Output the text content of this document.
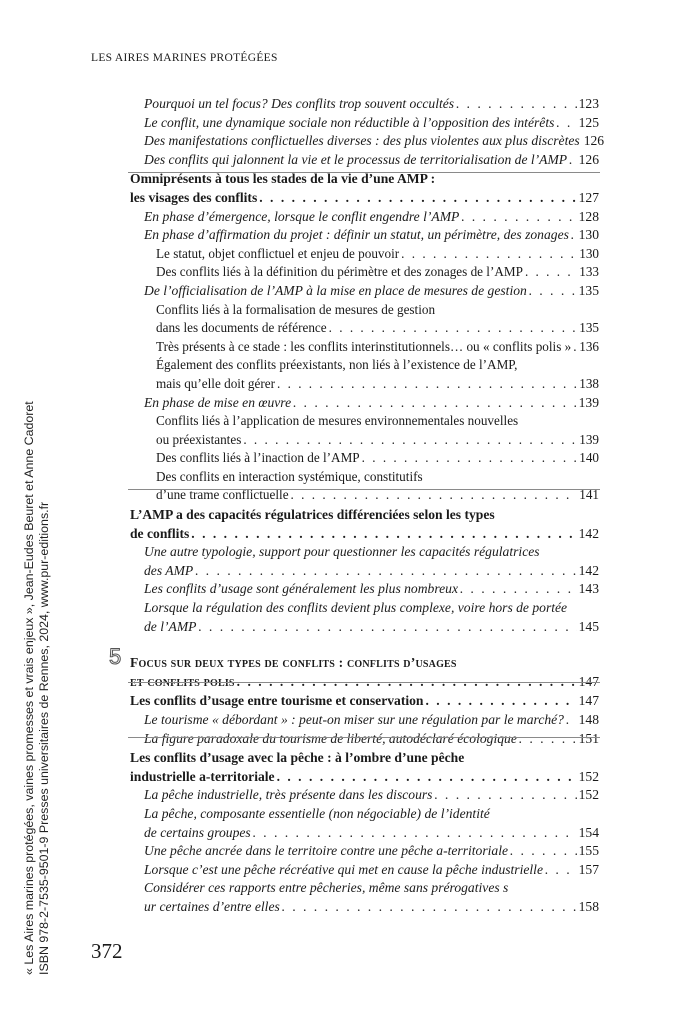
LES AIRES MARINES PROTÉGÉES
Pourquoi un tel focus? Des conflits trop souvent occultés . . .	123
Le conflit, une dynamique sociale non réductible à l’opposition des intérêts . . . 125
Des manifestations conflictuelles diverses : des plus violentes aux plus discrètes 126
Des conflits qui jalonnent la vie et le processus de territorialisation de l’AMP . . . 126
Omniprésents à tous les stades de la vie d’une AMP :
les visages des conflits . . .	127
En phase d’émergence, lorsque le conflit engendre l’AMP . . .	128
En phase d’affirmation du projet : définir un statut, un périmètre, des zonages . . . 130
Le statut, objet conflictuel et enjeu de pouvoir . . .	130
Des conflits liés à la définition du périmètre et des zonages de l’AMP . . .	133
De l’officialisation de l’AMP à la mise en place de mesures de gestion . . .	135
Conflits liés à la formalisation de mesures de gestion
dans les documents de référence . . .	135
Très présents à ce stade : les conflits interinstitutionnels… ou « conflits polis » . . . 136
Également des conflits préexistants, non liés à l’existence de l’AMP,
mais qu’elle doit gérer . . .	138
En phase de mise en œuvre . . .	139
Conflits liés à l’application de mesures environnementales nouvelles
ou préexistantes . . .	139
Des conflits liés à l’inaction de l’AMP . . .	140
Des conflits en interaction systémique, constitutifs
d’une trame conflictuelle . . .	141
L’AMP a des capacités régulatrices différenciées selon les types
de conflits . . .	142
Une autre typologie, support pour questionner les capacités régulatrices
des AMP . . .	142
Les conflits d’usage sont généralement les plus nombreux . . .	143
Lorsque la régulation des conflits devient plus complexe, voire hors de portée
de l’AMP . . .	145
5 Focus sur deux types de conflits : conflits d’usages
et conflits polis . . .	147
Les conflits d’usage entre tourisme et conservation . . .	147
Le tourisme « débordant » : peut-on miser sur une régulation par le marché? . . . 148
La figure paradoxale du tourisme de liberté, autodéclaré écologique . . .	151
Les conflits d’usage avec la pêche : à l’ombre d’une pêche
industrielle a-territoriale . . .	152
La pêche industrielle, très présente dans les discours . . .	152
La pêche, composante essentielle (non négociable) de l’identité
de certains groupes . . .	154
Une pêche ancrée dans le territoire contre une pêche a-territoriale . . .	155
Lorsque c’est une pêche récréative qui met en cause la pêche industrielle . . .	157
Considérer ces rapports entre pêcheries, même sans prérogatives s
ur certaines d’entre elles . . .	158
372
« Les Aires marines protégées, vaines promesses et vrais enjeux », Jean-Eudes Beuret et Anne Cadoret ISBN 978-2-7535-9501-9 Presses universitaires de Rennes, 2024, www.pur-editions.fr
